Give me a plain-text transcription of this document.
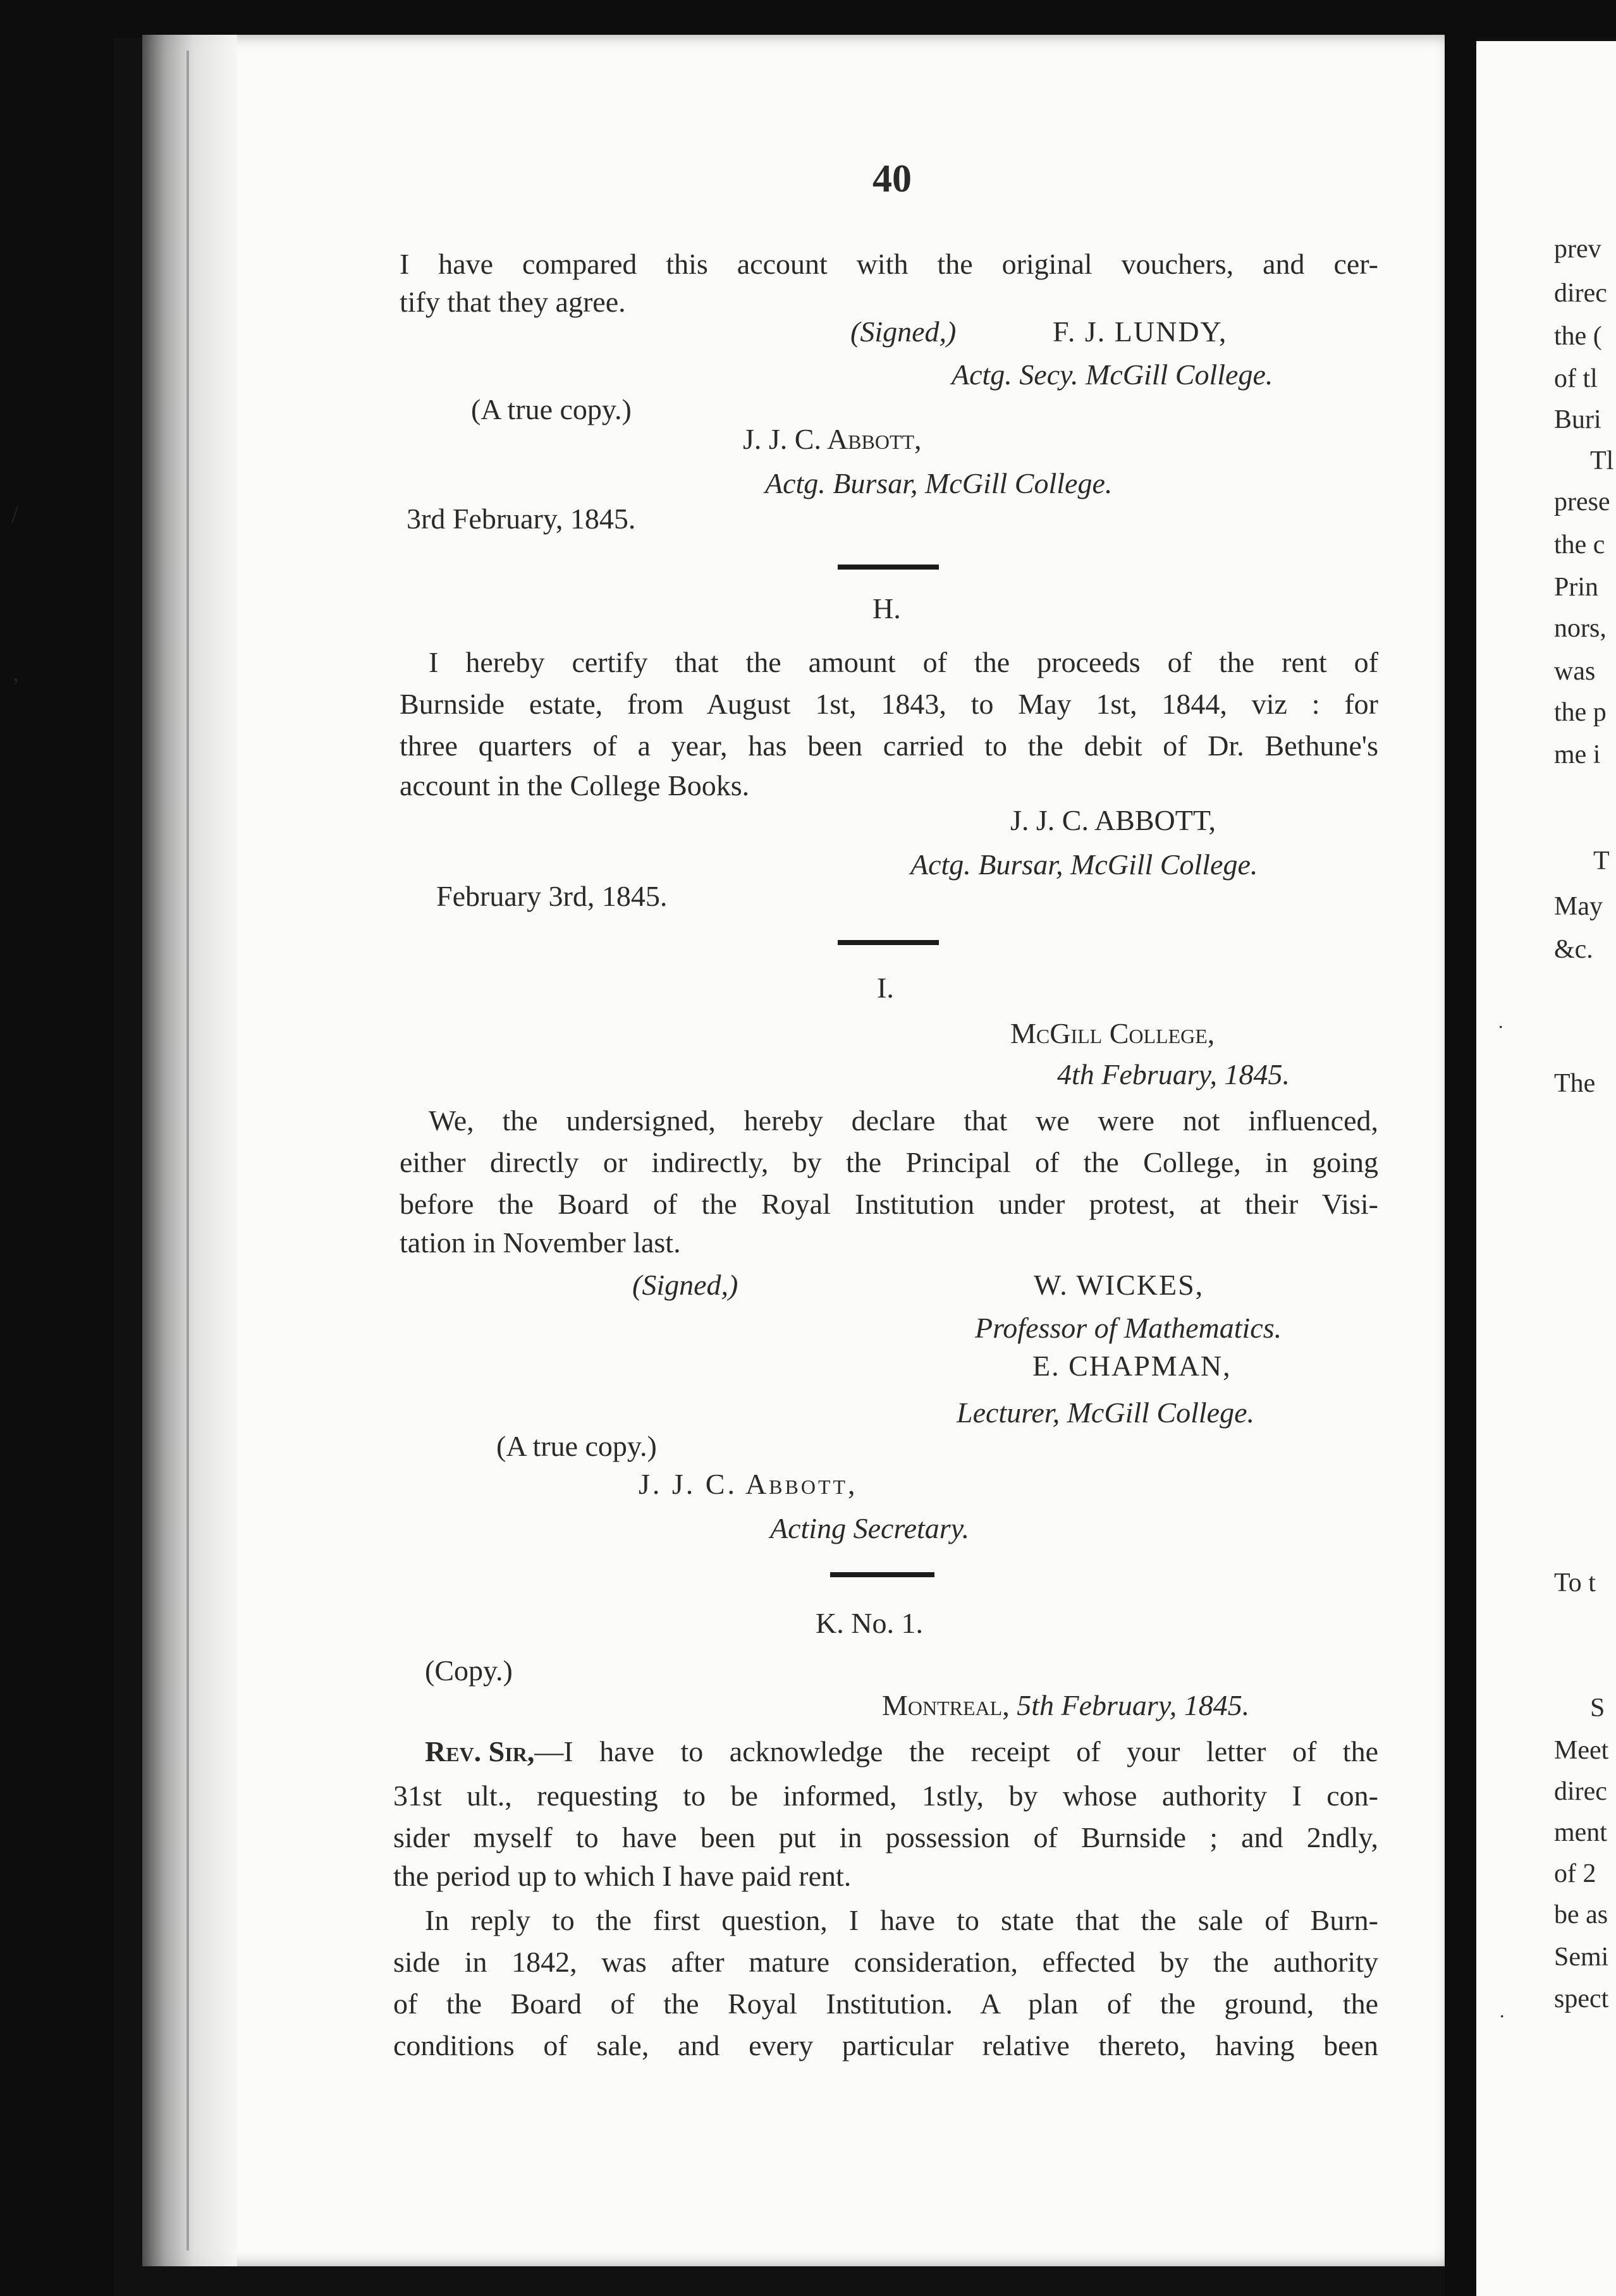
/
,
.
.
40
I have compared this account with the original vouchers, and cer-
tify that they agree.
(Signed,)	F. J. LUNDY,
Actg. Secy. McGill College.
(A true copy.)
J. J. C. Abbott,
Actg. Bursar, McGill College.
3rd February, 1845.
H.
I hereby certify that the amount of the proceeds of the rent of
Burnside estate, from August 1st, 1843, to May 1st, 1844, viz : for
three quarters of a year, has been carried to the debit of Dr. Bethune's
account in the College Books.
J. J. C. ABBOTT,
Actg. Bursar, McGill College.
February 3rd, 1845.
I.
McGill College,
4th February, 1845.
We, the undersigned, hereby declare that we were not influenced,
either directly or indirectly, by the Principal of the College, in going
before the Board of the Royal Institution under protest, at their Visi-
tation in November last.
(Signed,)	W. WICKES,
Professor of Mathematics.
E. CHAPMAN,
Lecturer, McGill College.
(A true copy.)
J. J. C. Abbott,
Acting Secretary.
K. No. 1.
(Copy.)
Montreal, 5th February, 1845.
Rev. Sir, —I have to acknowledge the receipt of your letter of the
31st ult., requesting to be informed, 1stly, by whose authority I con-
sider myself to have been put in possession of Burnside ; and 2ndly,
the period up to which I have paid rent.
In reply to the first question, I have to state that the sale of Burn-
side in 1842, was after mature consideration, effected by the authority
of the Board of the Royal Institution. A plan of the ground, the
conditions of sale, and every particular relative thereto, having been
prev
direc
the (
of tl
Buri
Tl
prese
the c
Prin
nors,
was
the p
me i
T
May
&c.
The
To t
S
Meet
direc
ment
of 2
be as
Semi
spect
